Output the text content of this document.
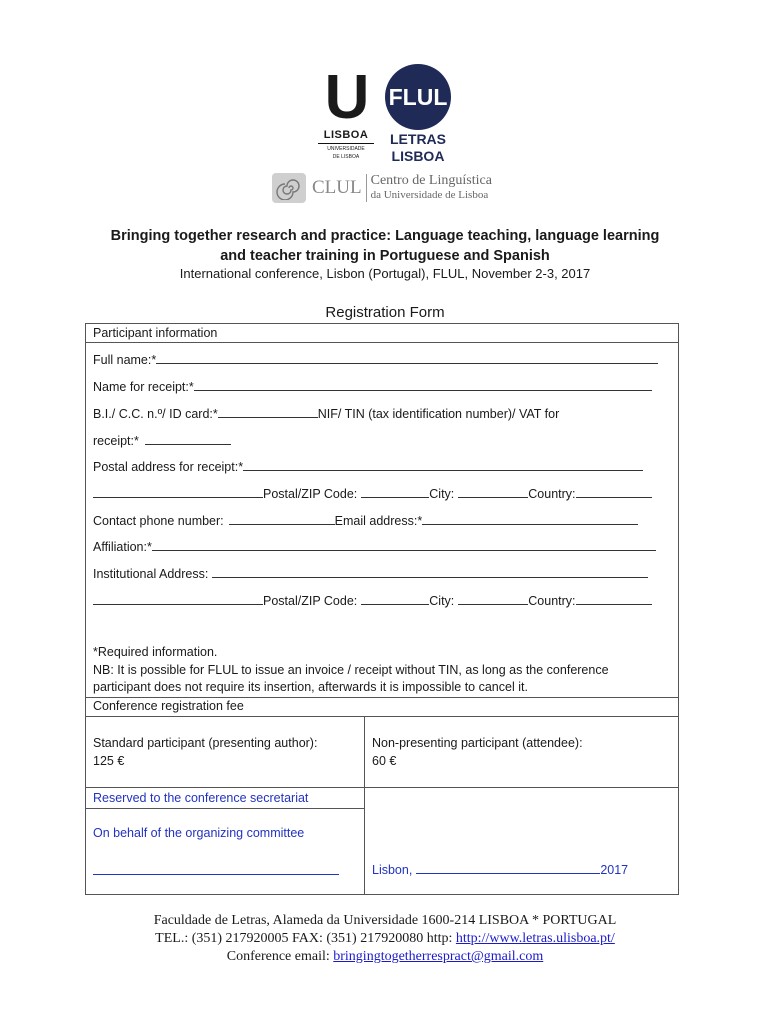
U
LISBOA
UNIVERSIDADE
DE LISBOA
FLUL
LETRAS
LISBOA
CLUL Centro de Linguística
da Universidade de Lisboa
Bringing together research and practice: Language teaching, language learning
and teacher training in Portuguese and Spanish
International conference, Lisbon (Portugal), FLUL, November 2-3, 2017
Registration Form
Participant information
Full name:*
Name for receipt:*
B.I./ C.C. n.º/ ID card:*	NIF/ TIN (tax identification number)/ VAT for
receipt:*
Postal address for receipt:*
Postal/ZIP Code:	City:	Country:
Contact phone number:	Email address:*
Affiliation:*
Institutional Address:
Postal/ZIP Code:	City:	Country:
*Required information.
NB: It is possible for FLUL to issue an invoice / receipt without TIN, as long as the conference
participant does not require its insertion, afterwards it is impossible to cancel it.
Conference registration fee
Standard participant (presenting author):
125 €
Non-presenting participant (attendee):
60 €
Reserved to the conference secretariat
On behalf of the organizing committee
Lisbon,	2017
Faculdade de Letras, Alameda da Universidade 1600-214 LISBOA * PORTUGAL
TEL.: (351) 217920005 FAX: (351) 217920080 http: http://www.letras.ulisboa.pt/
Conference email: bringingtogetherrespract@gmail.com
